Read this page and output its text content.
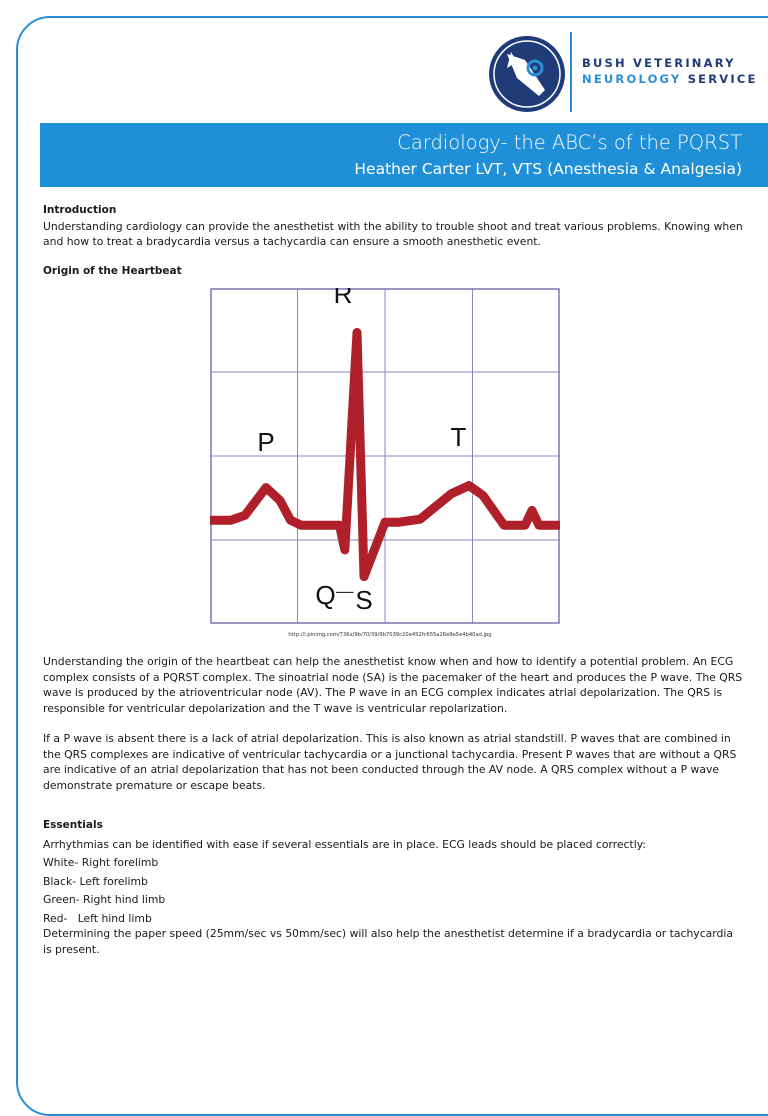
BUSH VETERINARY
NEUROLOGY SERVICE
Cardiology- the ABC’s of the PQRST
Heather Carter LVT, VTS (Anesthesia & Analgesia)

Introduction

Understanding cardiology can provide the anesthetist with the ability to trouble shoot and treat various problems. Knowing when and how to treat a bradycardia versus a tachycardia can ensure a smooth anesthetic event.

Origin of the Heartbeat

P
Q
R
S
T
http://i.pinimg.com/736x/9b/70/39/9b7039c20a452fc655a26e9e5e4b40ad.jpg

Understanding the origin of the heartbeat can help the anesthetist know when and how to identify a potential problem. An ECG complex consists of a PQRST complex. The sinoatrial node (SA) is the pacemaker of the heart and produces the P wave. The QRS wave is produced by the atrioventricular node (AV). The P wave in an ECG complex indicates atrial depolarization. The QRS is responsible for ventricular depolarization and the T wave is ventricular repolarization.

If a P wave is absent there is a lack of atrial depolarization. This is also known as atrial standstill. P waves that are combined in the QRS complexes are indicative of ventricular tachycardia or a junctional tachycardia. Present P waves that are without a QRS are indicative of an atrial depolarization that has not been conducted through the AV node. A QRS complex without a P wave demonstrate premature or escape beats.

Essentials

Arrhythmias can be identified with ease if several essentials are in place. ECG leads should be placed correctly:

White- Right forelimb

Black- Left forelimb

Green- Right hind limb

Red-   Left hind limb

Determining the paper speed (25mm/sec vs 50mm/sec) will also help the anesthetist determine if a bradycardia or tachycardia is present.
